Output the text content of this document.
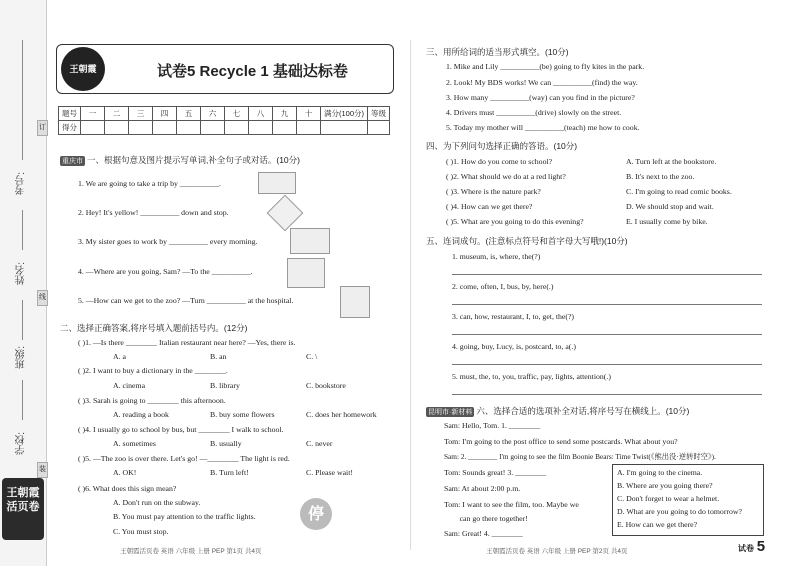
考号:
姓名:
班级:
学校:
订
线
装
王朝霞 活页卷
王朝霞	试卷5 Recycle 1 基础达标卷
题号	一	二	三	四	五	六	七	八	九	十	满分(100分)	等级
得分												
重庆市 一、根据句意及图片提示写单词,补全句子或对话。(10分)
1. We are going to take a trip by __________.
2. Hey! It's yellow! __________ down and stop.
3. My sister goes to work by __________ every morning.
4. —Where are you going, Sam? —To the __________.
5. —How can we get to the zoo? —Turn __________ at the hospital.
二、选择正确答案,将序号填入题前括号内。(12分)
( )1. —Is there ________ Italian restaurant near here? —Yes, there is.
A. a	B. an	C. \
( )2. I want to buy a dictionary in the ________.
A. cinema	B. library	C. bookstore
( )3. Sarah is going to ________ this afternoon.
A. reading a book	B. buy some flowers	C. does her homework
( )4. I usually go to school by bus, but ________ I walk to school.
A. sometimes	B. usually	C. never
( )5. —The zoo is over there. Let's go! —________ The light is red.
A. OK!	B. Turn left!	C. Please wait!
( )6. What does this sign mean?
A. Don't run on the subway.
B. You must pay attention to the traffic lights.
C. You must stop.
停
王朝霞活页卷 英语 六年级 上册 PEP 第1页 共4页
三、用所给词的适当形式填空。(10分)
1. Mike and Lily __________(be) going to fly kites in the park.
2. Look! My BDS works! We can __________(find) the way.
3. How many __________(way) can you find in the picture?
4. Drivers must __________(drive) slowly on the street.
5. Today my mother will __________(teach) me how to cook.
四、为下列问句选择正确的答语。(10分)
( )1. How do you come to school?	A. Turn left at the bookstore.
( )2. What should we do at a red light?	B. It's next to the zoo.
( )3. Where is the nature park?	C. I'm going to read comic books.
( )4. How can we get there?	D. We should stop and wait.
( )5. What are you going to do this evening?	E. I usually come by bike.
五、连词成句。(注意标点符号和首字母大写哦!)(10分)
1. museum, is, where, the(?)
2. come, often, I, bus, by, here(.)
3. can, how, restaurant, I, to, get, the(?)
4. going, buy, Lucy, is, postcard, to, a(.)
5. must, the, to, you, traffic, pay, lights, attention(.)
昆明市·新材料 六、选择合适的选项补全对话,将序号写在横线上。(10分)
Sam: Hello, Tom. 1. ________
Tom: I'm going to the post office to send some postcards. What about you?
Sam: 2. ________ I'm going to see the film Boonie Bears: Time Twist(《熊出没·逆转时空》).
Tom: Sounds great! 3. ________
Sam: At about 2:00 p.m.
Tom: I want to see the film, too. Maybe we
can go there together!
Sam: Great! 4. ________
A. I'm going to the cinema.
B. Where are you going there?
C. Don't forget to wear a helmet.
D. What are you going to do tomorrow?
E. How can we get there?
王朝霞活页卷 英语 六年级 上册 PEP 第2页 共4页	试卷 5
